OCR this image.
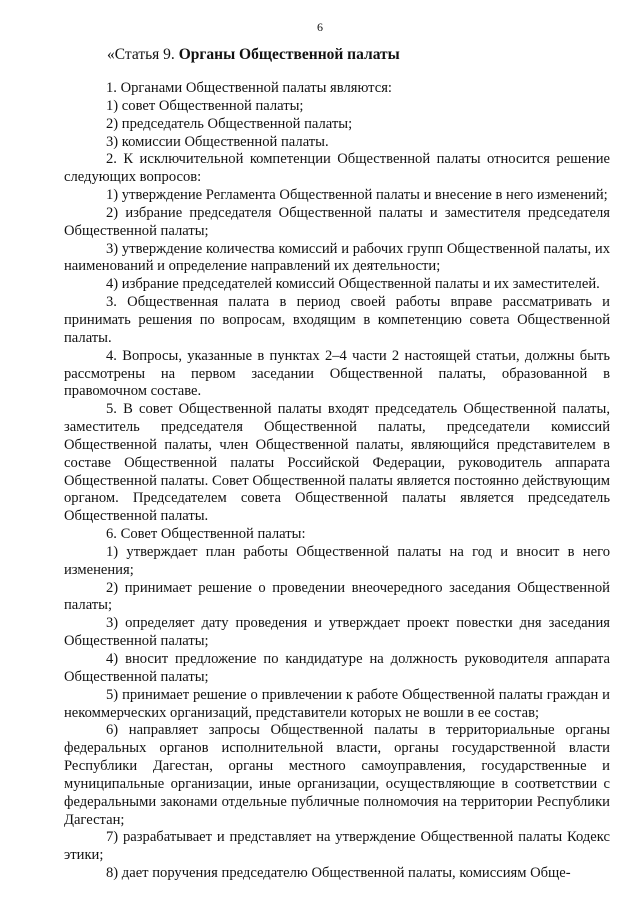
6
«Статья 9. Органы Общественной палаты

1. Органами Общественной палаты являются:

1) совет Общественной палаты;

2) председатель Общественной палаты;

3) комиссии Общественной палаты.

2. К исключительной компетенции Общественной палаты относится решение следующих вопросов:

1) утверждение Регламента Общественной палаты и внесение в него изменений;

2) избрание председателя Общественной палаты и заместителя председателя Общественной палаты;

3) утверждение количества комиссий и рабочих групп Общественной палаты, их наименований и определение направлений их деятельности;

4) избрание председателей комиссий Общественной палаты и их заместителей.

3. Общественная палата в период своей работы вправе рассматривать и принимать решения по вопросам, входящим в компетенцию совета Общественной палаты.

4. Вопросы, указанные в пунктах 2–4 части 2 настоящей статьи, должны быть рассмотрены на первом заседании Общественной палаты, образованной в правомочном составе.

5. В совет Общественной палаты входят председатель Общественной палаты, заместитель председателя Общественной палаты, председатели комиссий Общественной палаты, член Общественной палаты, являющийся представителем в составе Общественной палаты Российской Федерации, руководитель аппарата Общественной палаты. Совет Общественной палаты является постоянно действующим органом. Председателем совета Общественной палаты является председатель Общественной палаты.

6. Совет Общественной палаты:

1) утверждает план работы Общественной палаты на год и вносит в него изменения;

2) принимает решение о проведении внеочередного заседания Общественной палаты;

3) определяет дату проведения и утверждает проект повестки дня заседания Общественной палаты;

4) вносит предложение по кандидатуре на должность руководителя аппарата Общественной палаты;

5) принимает решение о привлечении к работе Общественной палаты граждан и некоммерческих организаций, представители которых не вошли в ее состав;

6) направляет запросы Общественной палаты в территориальные органы федеральных органов исполнительной власти, органы государственной власти Республики Дагестан, органы местного самоуправления, государственные и муниципальные организации, иные организации, осуществляющие в соответствии с федеральными законами отдельные публичные полномочия на территории Республики Дагестан;

7) разрабатывает и представляет на утверждение Общественной палаты Кодекс этики;

8) дает поручения председателю Общественной палаты, комиссиям Обще-
